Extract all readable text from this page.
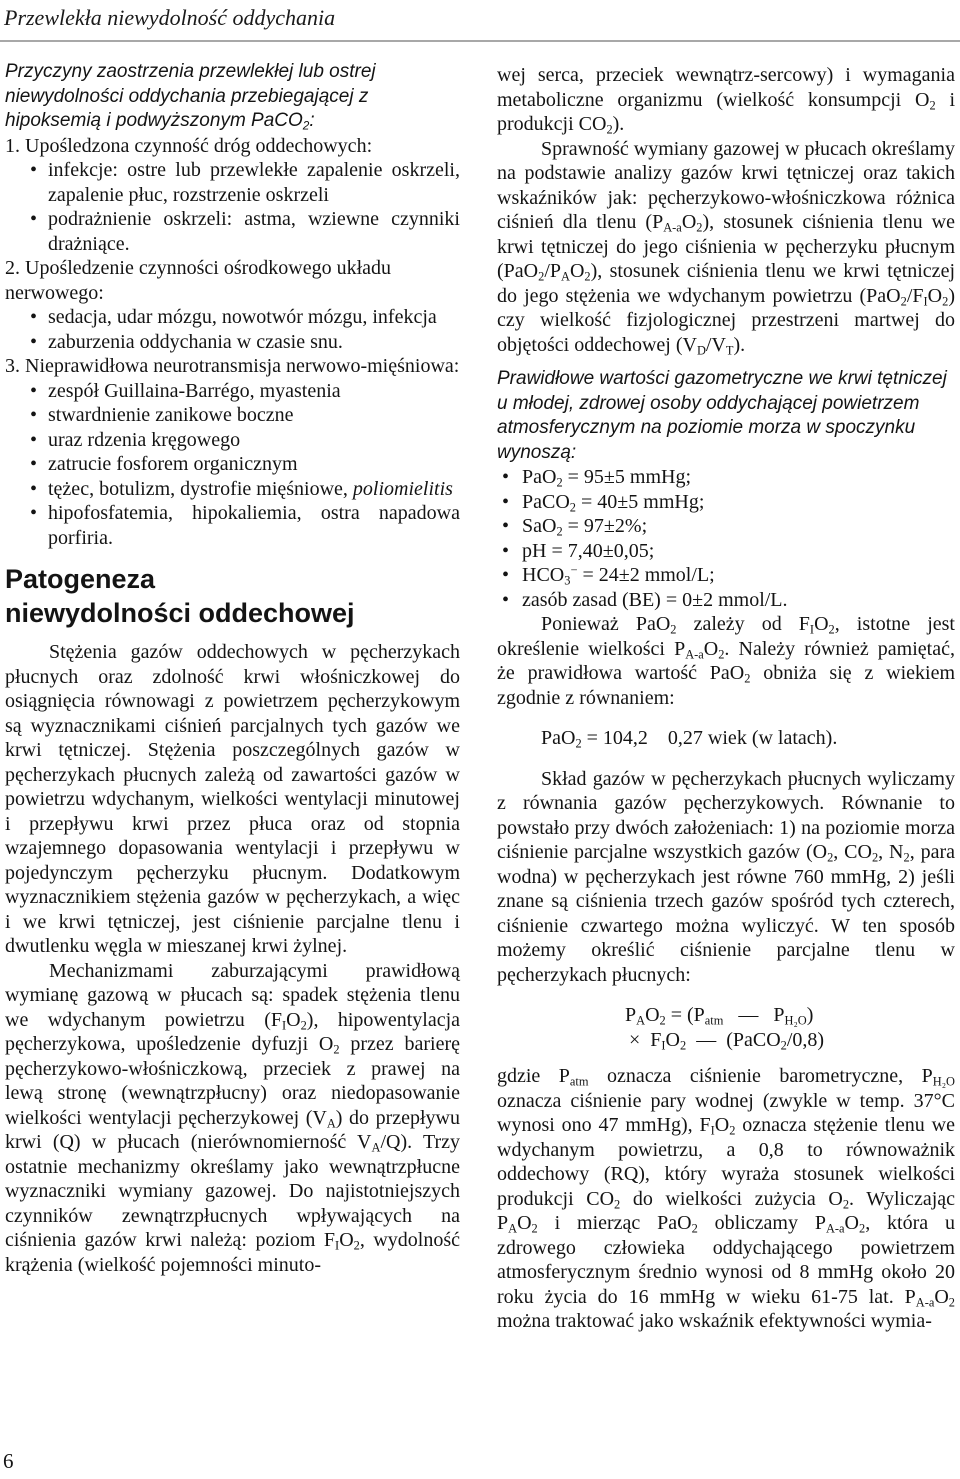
Przewlekła niewydolność oddychania

Przyczyny zaostrzenia przewlekłej lub ostrej niewydolności oddychania przebiegającej z hipoksemią i podwyższonym PaCO$_2$:

1. Upośledzona czynność dróg oddechowych:

• infekcje: ostre lub przewlekłe zapalenie oskrzeli, zapalenie płuc, rozstrzenie oskrzeli
• podrażnienie oskrzeli: astma, wziewne czynniki drażniące.

2. Upośledzenie czynności ośrodkowego układu nerwowego:

• sedacja, udar mózgu, nowotwór mózgu, infekcja
• zaburzenia oddychania w czasie snu.

3. Nieprawidłowa neurotransmisja nerwowo-mięśniowa:

• zespół Guillaina-Barrégo, myastenia
• stwardnienie zanikowe boczne
• uraz rdzenia kręgowego
• zatrucie fosforem organicznym
• tężec, botulizm, dystrofie mięśniowe, poliomielitis
• hipofosfatemia, hipokaliemia, ostra napadowa porfiria.
Patogeneza
niewydolności oddechowej

Stężenia gazów oddechowych w pęcherzykach płucnych oraz zdolność krwi włośniczkowej do osiągnięcia równowagi z powietrzem pęcherzykowym są wyznacznikami ciśnień parcjalnych tych gazów we krwi tętniczej. Stężenia poszczególnych gazów w pęcherzykach płucnych zależą od zawartości gazów w powietrzu wdychanym, wielkości wentylacji minutowej i przepływu krwi przez płuca oraz od stopnia wzajemnego dopasowania wentylacji i przepływu w pojedynczym pęcherzyku płucnym. Dodatkowym wyznacznikiem stężenia gazów w pęcherzykach, a więc i we krwi tętniczej, jest ciśnienie parcjalne tlenu i dwutlenku węgla w mieszanej krwi żylnej.

Mechanizmami zaburzającymi prawidłową wymianę gazową w płucach są: spadek stężenia tlenu we wdychanym powietrzu $(F_IO_2)$, hipowentylacja pęcherzykowa, upośledzenie dyfuzji $O_2$ przez barierę pęcherzykowo-włośniczkową, przeciek z prawej na lewą stronę (wewnątrzpłucny) oraz niedopasowanie wielkości wentylacji pęcherzykowej $(V_A)$ do przepływu krwi (Q) w płucach (nierównomierność $V_A/Q$). Trzy ostatnie mechanizmy określamy jako wewnątrzpłucne wyznaczniki wymiany gazowej. Do najistotniejszych czynników zewnątrzpłucnych wpływających na ciśnienia gazów krwi należą: poziom $F_IO_2$, wydolność krążenia (wielkość pojemności minuto-

wej serca, przeciek wewnątrz-sercowy) i wymagania metaboliczne organizmu (wielkość konsumpcji $O_2$ i produkcji $CO_2$).

Sprawność wymiany gazowej w płucach określamy na podstawie analizy gazów krwi tętniczej oraz takich wskaźników jak: pęcherzykowo-włośniczkowa różnica ciśnień dla tlenu $(P_{A-a}O_2)$, stosunek ciśnienia tlenu we krwi tętniczej do jego ciśnienia w pęcherzyku płucnym $(PaO_2/P_AO_2)$, stosunek ciśnienia tlenu we krwi tętniczej do jego stężenia we wdychanym powietrzu $(PaO_2/F_IO_2)$ czy wielkość fizjologicznej przestrzeni martwej do objętości oddechowej $(V_D/V_T)$.

Prawidłowe wartości gazometryczne we krwi tętniczej u młodej, zdrowej osoby oddychającej powietrzem atmosferycznym na poziomie morza w spoczynku wynoszą:

• PaO$_2$ = 95±5 mmHg;
• PaCO$_2$ = 40±5 mmHg;
• SaO$_2$ = 97±2%;
• pH = 7,40±0,05;
• $HCO_3^- = 24\pm 2$ mmol/L;
• zasób zasad (BE) = 0±2 mmol/L.

Ponieważ PaO$_2$ zależy od $F_IO_2$, istotne jest określenie wielkości $P_{A-a}O_2$. Należy również pamiętać, że prawidłowa wartość PaO$_2$ obniża się z wiekiem zgodnie z równaniem:

PaO$_2$ = 104,2    0,27 wiek (w latach).

Skład gazów w pęcherzykach płucnych wyliczamy z równania gazów pęcherzykowych. Równanie to powstało przy dwóch założeniach: 1) na poziomie morza ciśnienie parcjalne wszystkich gazów ($O_2$, $CO_2$, $N_2$, para wodna) w pęcherzykach jest równe 760 mmHg, 2) jeśli znane są ciśnienia trzech gazów spośród tych czterech, ciśnienie czwartego można wyliczyć. W ten sposób możemy określić ciśnienie parcjalne tlenu w pęcherzykach płucnych:

$P_AO_2 = (P_{atm}$   —   $P_{H_2O}$)
×  $F_IO_2$  —  (PaCO$_2$/0,8)

gdzie $P_{atm}$ oznacza ciśnienie barometryczne, $P_{H_2O}$ oznacza ciśnienie pary wodnej (zwykle w temp. 37°C wynosi ono 47 mmHg), $F_IO_2$ oznacza stężenie tlenu we wdychanym powietrzu, a 0,8 to równoważnik oddechowy (RQ), który wyraża stosunek wielkości produkcji $CO_2$ do wielkości zużycia $O_2$. Wyliczając $P_AO_2$ i mierząc PaO$_2$ obliczamy $P_{A-a}O_2$, która u zdrowego człowieka oddychającego powietrzem atmosferycznym średnio wynosi od 8 mmHg około 20 roku życia do 16 mmHg w wieku 61-75 lat. $P_{A-a}O_2$ można traktować jako wskaźnik efektywności wymia-

6
